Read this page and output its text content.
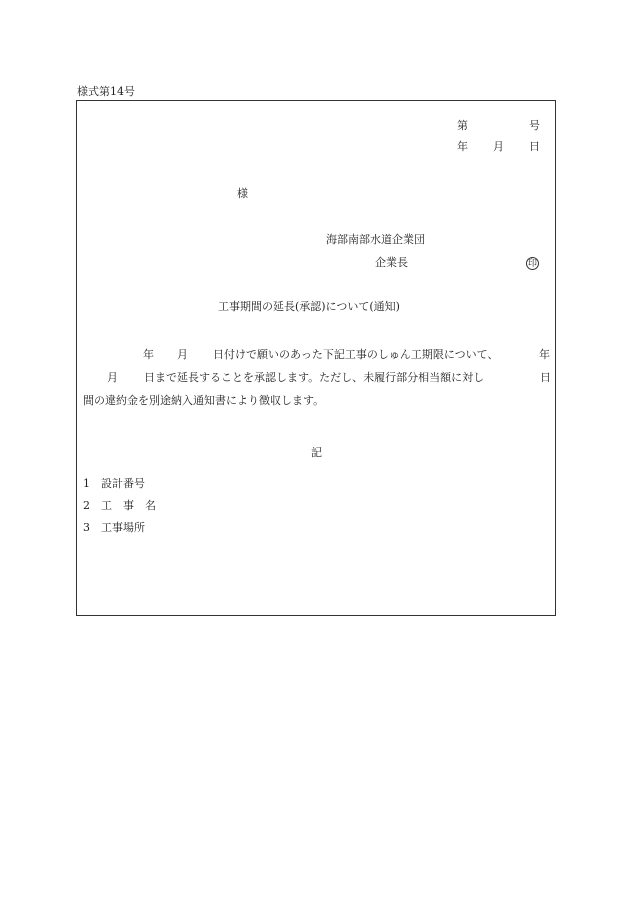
様式第14号
第	号
年 月 日
様
海部南部水道企業団
企業長	印
工事期間の延長(承認)について(通知)
年 月 日付けで願いのあった下記工事のしゅん工期限について、	年
月 日まで延長することを承認します。ただし、未履行部分相当額に対し	日
間の違約金を別途納入通知書により徴収します。
記
1 設計番号
2 工　事　名
3 工事場所
